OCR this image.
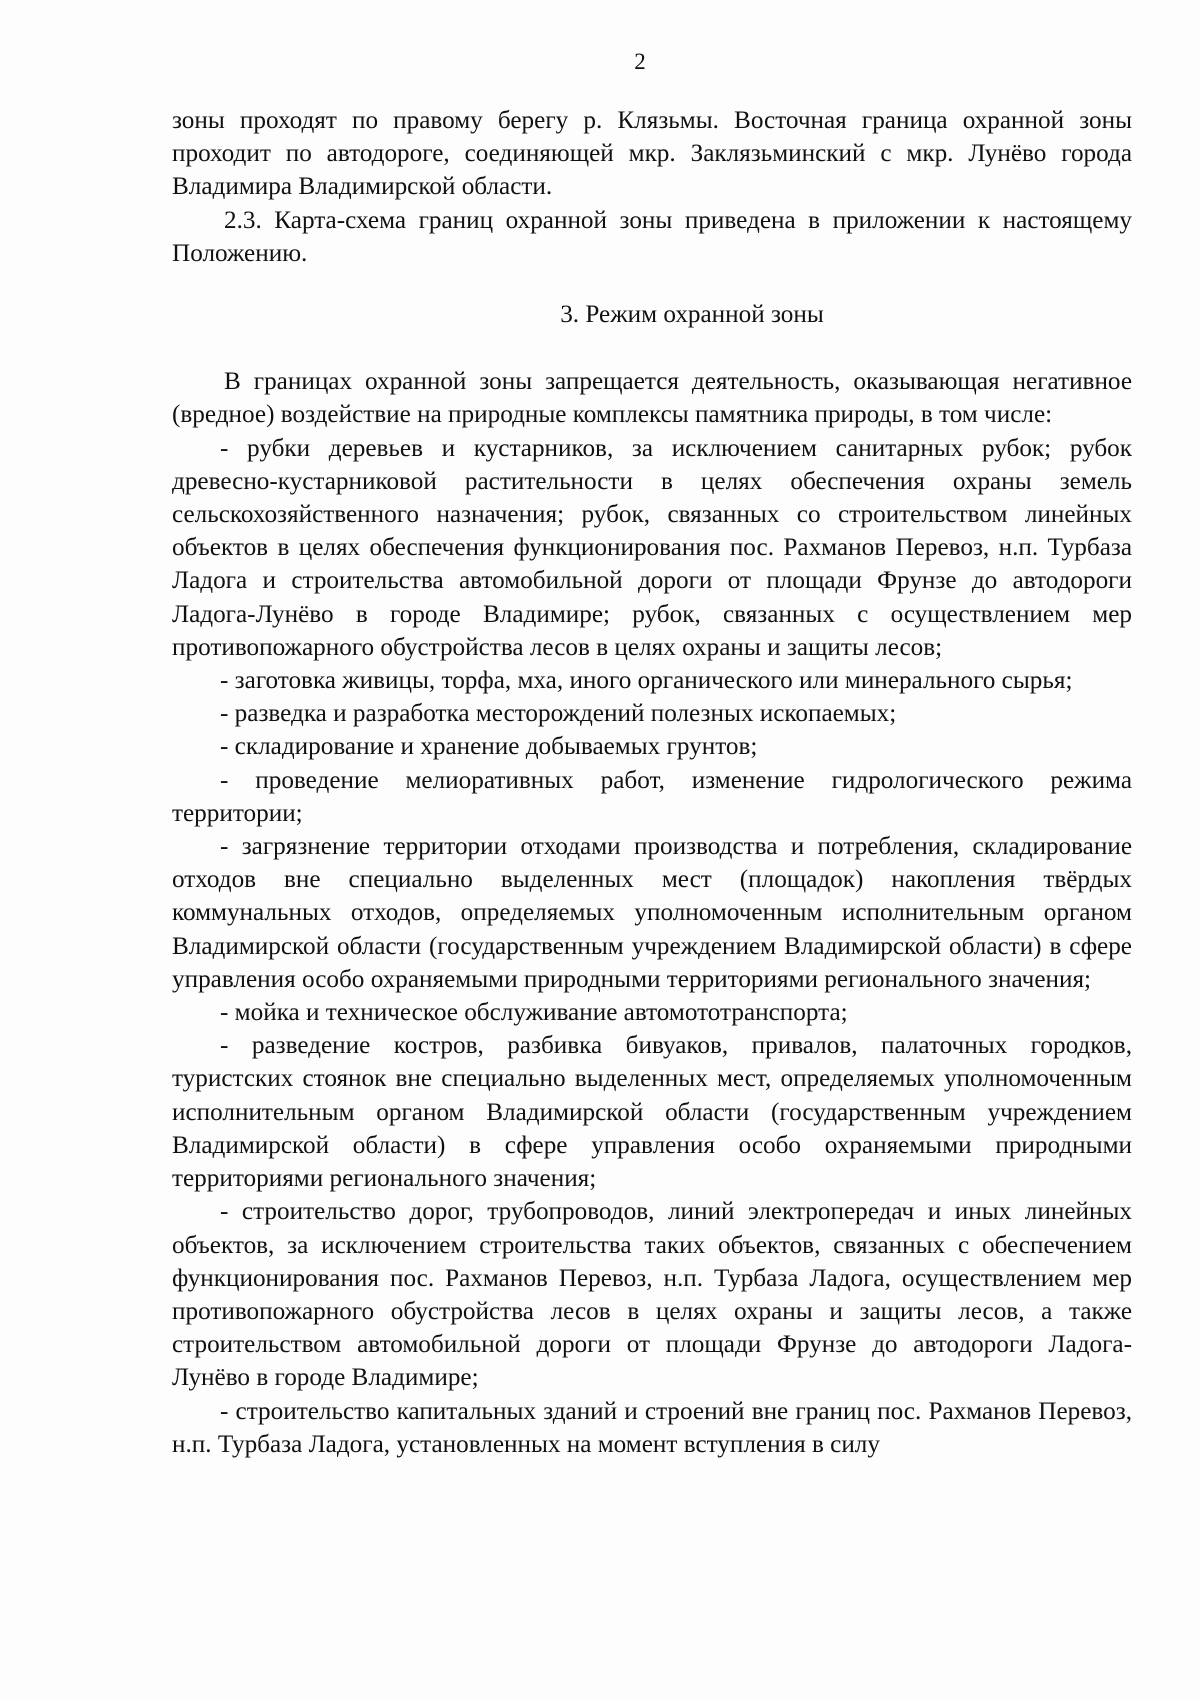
2

зоны проходят по правому берегу р. Клязьмы. Восточная граница охранной зоны проходит по автодороге, соединяющей мкр. Заклязьминский с мкр. Лунёво города Владимира Владимирской области.

2.3. Карта-схема границ охранной зоны приведена в приложении к настоящему Положению.

3. Режим охранной зоны

В границах охранной зоны запрещается деятельность, оказывающая негативное (вредное) воздействие на природные комплексы памятника природы, в том числе:

- рубки деревьев и кустарников, за исключением санитарных рубок; рубок древесно-кустарниковой растительности в целях обеспечения охраны земель сельскохозяйственного назначения; рубок, связанных со строительством линейных объектов в целях обеспечения функционирования пос. Рахманов Перевоз, н.п. Турбаза Ладога и строительства автомобильной дороги от площади Фрунзе до автодороги Ладога-Лунёво в городе Владимире; рубок, связанных с осуществлением мер противопожарного обустройства лесов в целях охраны и защиты лесов;

- заготовка живицы, торфа, мха, иного органического или минерального сырья;

- разведка и разработка месторождений полезных ископаемых;

- складирование и хранение добываемых грунтов;

- проведение мелиоративных работ, изменение гидрологического режима территории;

- загрязнение территории отходами производства и потребления, складирование отходов вне специально выделенных мест (площадок) накопления твёрдых коммунальных отходов, определяемых уполномоченным исполнительным органом Владимирской области (государственным учреждением Владимирской области) в сфере управления особо охраняемыми природными территориями регионального значения;

- мойка и техническое обслуживание автомототранспорта;

- разведение костров, разбивка бивуаков, привалов, палаточных городков, туристских стоянок вне специально выделенных мест, определяемых уполномоченным исполнительным органом Владимирской области (государственным учреждением Владимирской области) в сфере управления особо охраняемыми природными территориями регионального значения;

- строительство дорог, трубопроводов, линий электропередач и иных линейных объектов, за исключением строительства таких объектов, связанных с обеспечением функционирования пос. Рахманов Перевоз, н.п. Турбаза Ладога, осуществлением мер противопожарного обустройства лесов в целях охраны и защиты лесов, а также строительством автомобильной дороги от площади Фрунзе до автодороги Ладога-Лунёво в городе Владимире;

- строительство капитальных зданий и строений вне границ пос. Рахманов Перевоз, н.п. Турбаза Ладога, установленных на момент вступления в силу
